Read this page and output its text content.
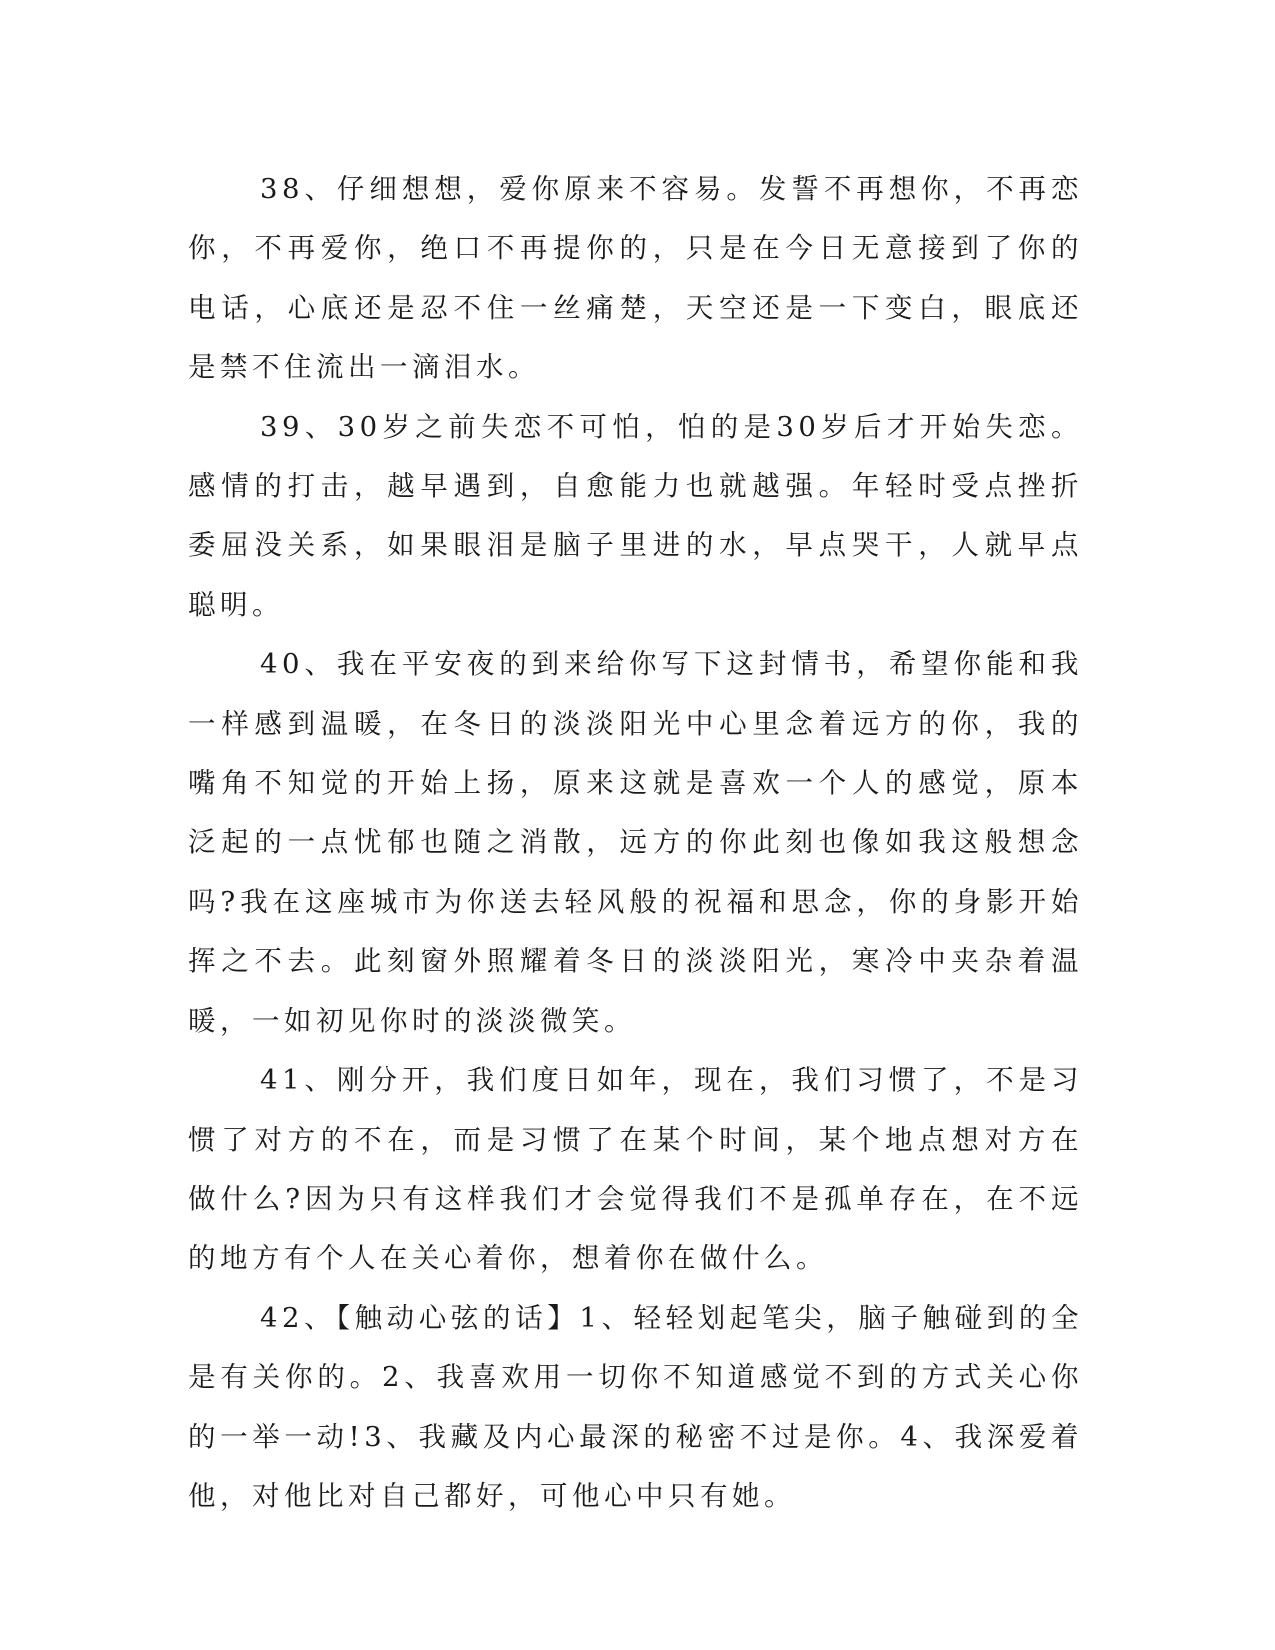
38、仔细想想，爱你原来不容易。发誓不再想你，不再恋你，不再爱你，绝口不再提你的，只是在今日无意接到了你的电话，心底还是忍不住一丝痛楚，天空还是一下变白，眼底还是禁不住流出一滴泪水。

39、30岁之前失恋不可怕，怕的是30岁后才开始失恋。感情的打击，越早遇到，自愈能力也就越强。年轻时受点挫折委屈没关系，如果眼泪是脑子里进的水，早点哭干，人就早点聪明。

40、我在平安夜的到来给你写下这封情书，希望你能和我一样感到温暖，在冬日的淡淡阳光中心里念着远方的你，我的嘴角不知觉的开始上扬，原来这就是喜欢一个人的感觉，原本泛起的一点忧郁也随之消散，远方的你此刻也像如我这般想念吗?我在这座城市为你送去轻风般的祝福和思念，你的身影开始挥之不去。此刻窗外照耀着冬日的淡淡阳光，寒冷中夹杂着温暖，一如初见你时的淡淡微笑。

41、刚分开，我们度日如年，现在，我们习惯了，不是习惯了对方的不在，而是习惯了在某个时间，某个地点想对方在做什么?因为只有这样我们才会觉得我们不是孤单存在，在不远的地方有个人在关心着你，想着你在做什么。

42、【触动心弦的话】1、轻轻划起笔尖，脑子触碰到的全是有关你的。2、我喜欢用一切你不知道感觉不到的方式关心你的一举一动!3、我藏及内心最深的秘密不过是你。4、我深爱着他，对他比对自己都好，可他心中只有她。
